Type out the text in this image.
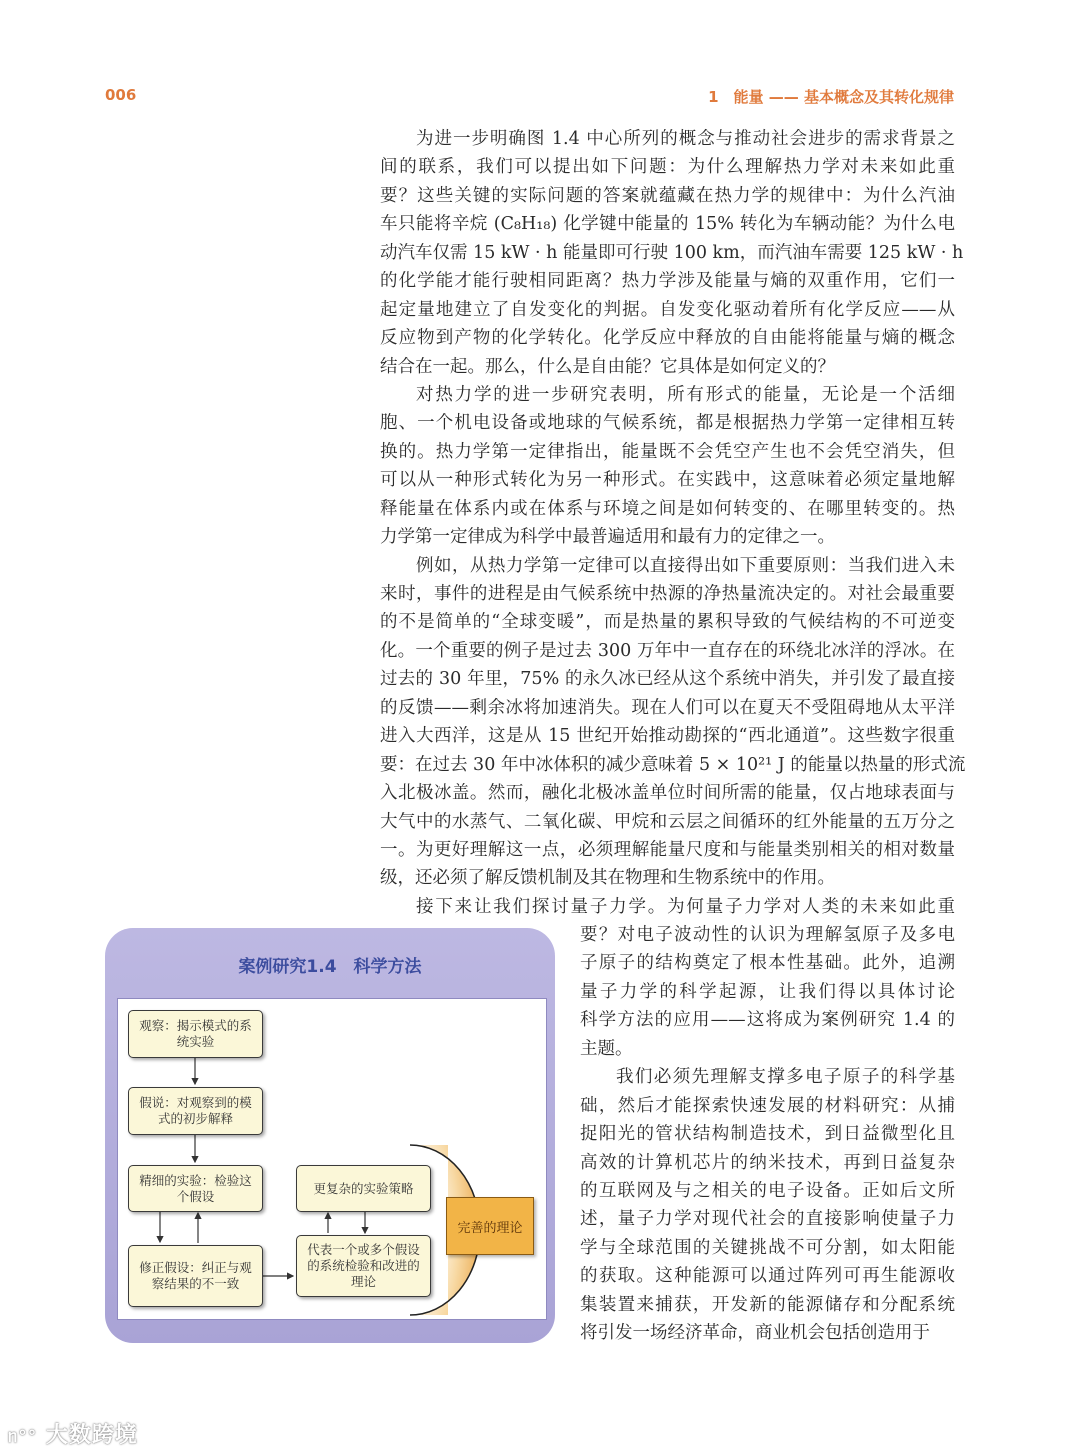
006	1　能量 —— 基本概念及其转化规律
为进一步明确图 1.4 中心所列的概念与推动社会进步的需求背景之
间的联系，我们可以提出如下问题：为什么理解热力学对未来如此重
要？这些关键的实际问题的答案就蕴藏在热力学的规律中：为什么汽油
车只能将辛烷 (C₈H₁₈) 化学键中能量的 15% 转化为车辆动能？为什么电
动汽车仅需 15 kW · h 能量即可行驶 100 km，而汽油车需要 125 kW · h
的化学能才能行驶相同距离？热力学涉及能量与熵的双重作用，它们一
起定量地建立了自发变化的判据。自发变化驱动着所有化学反应——从
反应物到产物的化学转化。化学反应中释放的自由能将能量与熵的概念
结合在一起。那么，什么是自由能？它具体是如何定义的？
对热力学的进一步研究表明，所有形式的能量，无论是一个活细
胞、一个机电设备或地球的气候系统，都是根据热力学第一定律相互转
换的。热力学第一定律指出，能量既不会凭空产生也不会凭空消失，但
可以从一种形式转化为另一种形式。在实践中，这意味着必须定量地解
释能量在体系内或在体系与环境之间是如何转变的、在哪里转变的。热
力学第一定律成为科学中最普遍适用和最有力的定律之一。
例如，从热力学第一定律可以直接得出如下重要原则：当我们进入未
来时，事件的进程是由气候系统中热源的净热量流决定的。对社会最重要
的不是简单的“全球变暖”，而是热量的累积导致的气候结构的不可逆变
化。一个重要的例子是过去 300 万年中一直存在的环绕北冰洋的浮冰。在
过去的 30 年里，75% 的永久冰已经从这个系统中消失，并引发了最直接
的反馈——剩余冰将加速消失。现在人们可以在夏天不受阻碍地从太平洋
进入大西洋，这是从 15 世纪开始推动勘探的“西北通道”。这些数字很重
要：在过去 30 年中冰体积的减少意味着 5 × 10²¹ J 的能量以热量的形式流
入北极冰盖。然而，融化北极冰盖单位时间所需的能量，仅占地球表面与
大气中的水蒸气、二氧化碳、甲烷和云层之间循环的红外能量的五万分之
一。为更好理解这一点，必须理解能量尺度和与能量类别相关的相对数量
级，还必须了解反馈机制及其在物理和生物系统中的作用。
接下来让我们探讨量子力学。为何量子力学对人类的未来如此重
要？对电子波动性的认识为理解氢原子及多电
子原子的结构奠定了根本性基础。此外，追溯
量子力学的科学起源，让我们得以具体讨论
科学方法的应用——这将成为案例研究 1.4 的
主题。
我们必须先理解支撑多电子原子的科学基
础，然后才能探索快速发展的材料研究：从捕
捉阳光的管状结构制造技术，到日益微型化且
高效的计算机芯片的纳米技术，再到日益复杂
的互联网及与之相关的电子设备。正如后文所
述，量子力学对现代社会的直接影响使量子力
学与全球范围的关键挑战不可分割，如太阳能
的获取。这种能源可以通过阵列可再生能源收
集装置来捕获，开发新的能源储存和分配系统
将引发一场经济革命，商业机会包括创造用于
案例研究1.4　科学方法
观察：揭示模式的系统实验
假说：对观察到的模式的初步解释
精细的实验：检验这个假设
修正假设：纠正与观察结果的不一致
更复杂的实验策略
代表一个或多个假设的系统检验和改进的理论
完善的理论
ᥒ°° 大数跨境
